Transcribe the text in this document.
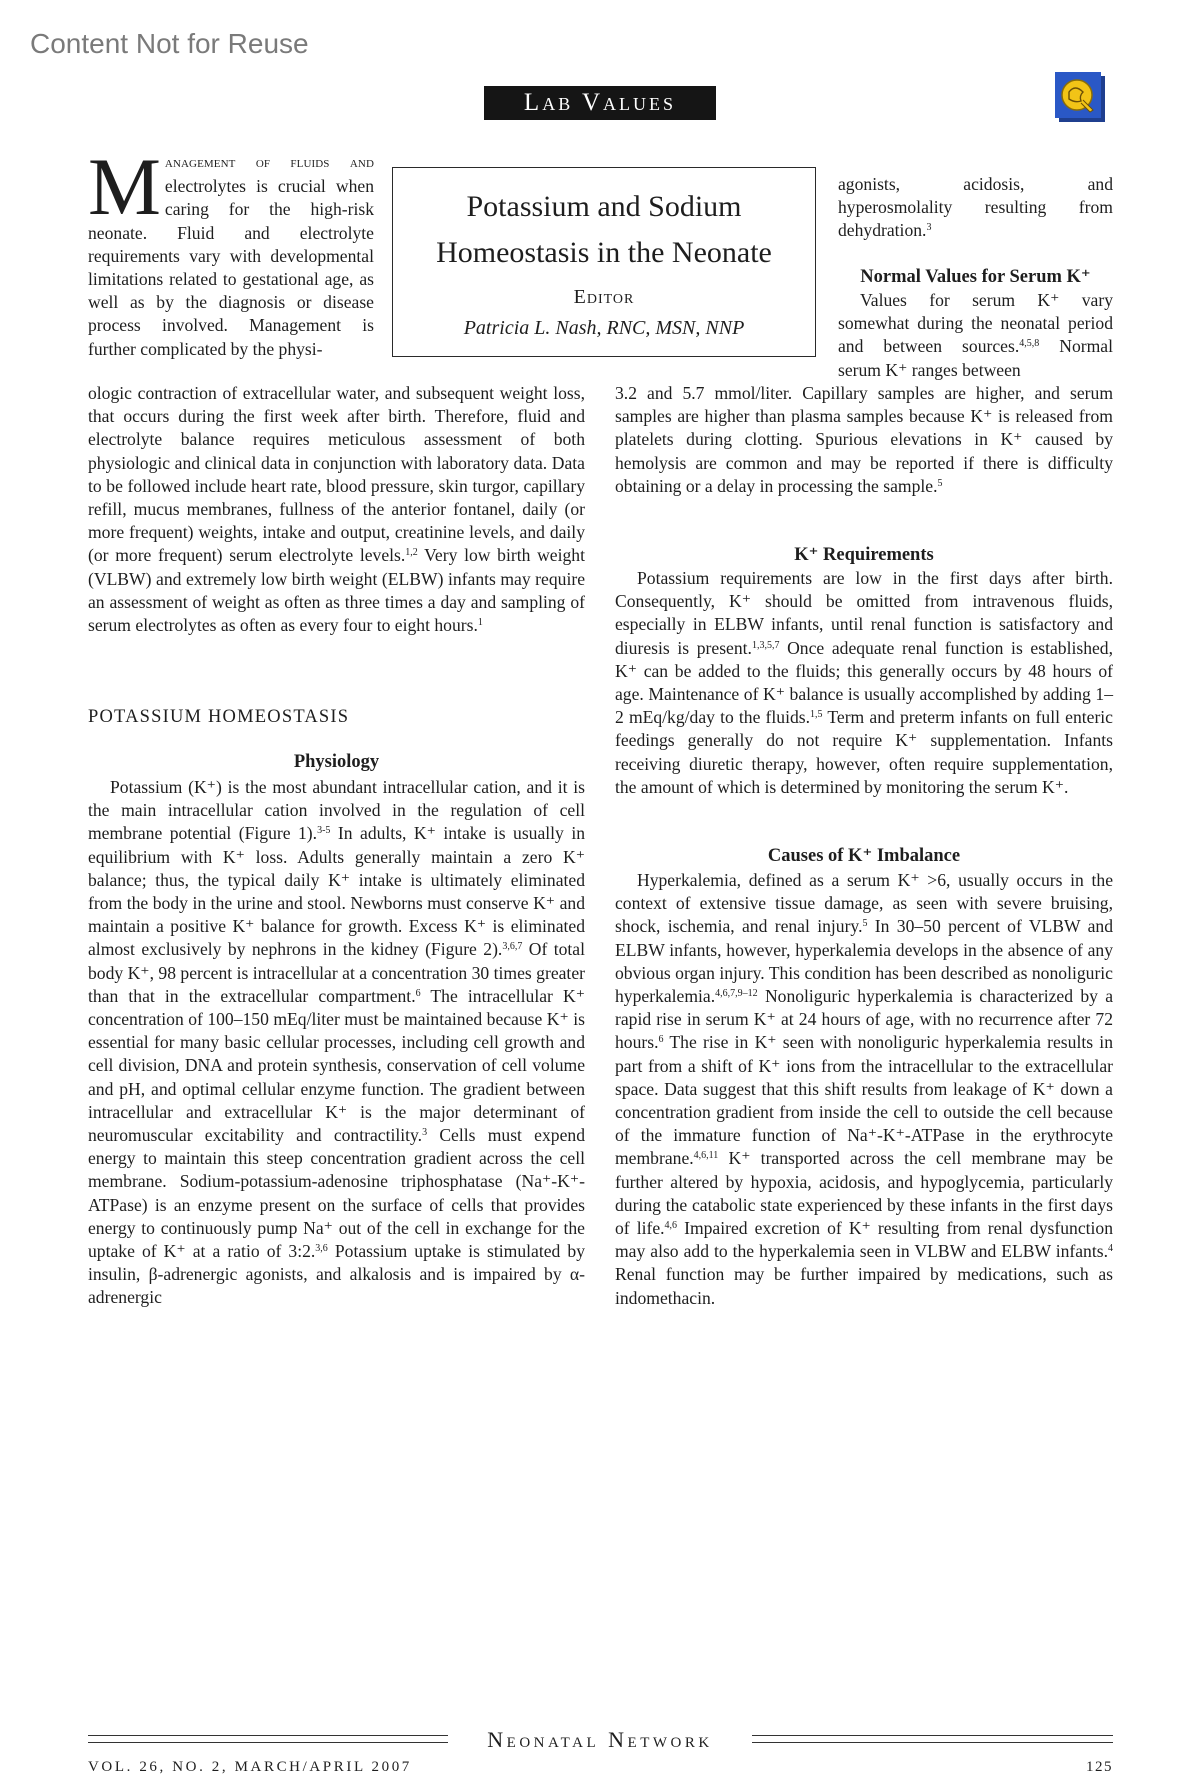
Content Not for Reuse
Lab Values
Management of fluids and electrolytes is crucial when caring for the high-risk neonate. Fluid and electrolyte requirements vary with developmental limitations related to gestational age, as well as by the diagnosis or disease process involved. Management is further complicated by the physi-
Potassium and Sodium
Homeostasis in the Neonate
Editor
Patricia L. Nash, RNC, MSN, NNP

ologic contraction of extracellular water, and subsequent weight loss, that occurs during the first week after birth. Therefore, fluid and electrolyte balance requires meticulous assessment of both physiologic and clinical data in conjunction with laboratory data. Data to be followed include heart rate, blood pressure, skin turgor, capillary refill, mucus membranes, fullness of the anterior fontanel, daily (or more frequent) weights, intake and output, creatinine levels, and daily (or more frequent) serum electrolyte levels.$^{1,2}$ Very low birth weight (VLBW) and extremely low birth weight (ELBW) infants may require an assessment of weight as often as three times a day and sampling of serum electrolytes as often as every four to eight hours.$^1$

POTASSIUM HOMEOSTASIS
Physiology

Potassium (K⁺) is the most abundant intracellular cation, and it is the main intracellular cation involved in the regulation of cell membrane potential (Figure 1).$^{3-5}$ In adults, K⁺ intake is usually in equilibrium with K⁺ loss. Adults generally maintain a zero K⁺ balance; thus, the typical daily K⁺ intake is ultimately eliminated from the body in the urine and stool. Newborns must conserve K⁺ and maintain a positive K⁺ balance for growth. Excess K⁺ is eliminated almost exclusively by nephrons in the kidney (Figure 2).$^{3,6,7}$ Of total body K⁺, 98 percent is intracellular at a concentration 30 times greater than that in the extracellular compartment.$^6$ The intracellular K⁺ concentration of 100–150 mEq/liter must be maintained because K⁺ is essential for many basic cellular processes, including cell growth and cell division, DNA and protein synthesis, conservation of cell volume and pH, and optimal cellular enzyme function. The gradient between intracellular and extracellular K⁺ is the major determinant of neuromuscular excitability and contractility.$^3$ Cells must expend energy to maintain this steep concentration gradient across the cell membrane. Sodium-potassium-adenosine triphosphatase (Na⁺-K⁺-ATPase) is an enzyme present on the surface of cells that provides energy to continuously pump Na⁺ out of the cell in exchange for the uptake of K⁺ at a ratio of 3:2.$^{3,6}$ Potassium uptake is stimulated by insulin, β-adrenergic agonists, and alkalosis and is impaired by α-adrenergic

agonists, acidosis, and hyperosmolality resulting from dehydration.$^3$

Normal Values for Serum K⁺

Values for serum K⁺ vary somewhat during the neonatal period and between sources.$^{4,5,8}$ Normal serum K⁺ ranges between

3.2 and 5.7 mmol/liter. Capillary samples are higher, and serum samples are higher than plasma samples because K⁺ is released from platelets during clotting. Spurious elevations in K⁺ caused by hemolysis are common and may be reported if there is difficulty obtaining or a delay in processing the sample.$^5$

K⁺ Requirements

Potassium requirements are low in the first days after birth. Consequently, K⁺ should be omitted from intravenous fluids, especially in ELBW infants, until renal function is satisfactory and diuresis is present.$^{1,3,5,7}$ Once adequate renal function is established, K⁺ can be added to the fluids; this generally occurs by 48 hours of age. Maintenance of K⁺ balance is usually accomplished by adding 1–2 mEq/kg/day to the fluids.$^{1,5}$ Term and preterm infants on full enteric feedings generally do not require K⁺ supplementation. Infants receiving diuretic therapy, however, often require supplementation, the amount of which is determined by monitoring the serum K⁺.

Causes of K⁺ Imbalance

Hyperkalemia, defined as a serum K⁺ >6, usually occurs in the context of extensive tissue damage, as seen with severe bruising, shock, ischemia, and renal injury.$^5$ In 30–50 percent of VLBW and ELBW infants, however, hyperkalemia develops in the absence of any obvious organ injury. This condition has been described as nonoliguric hyperkalemia.$^{4,6,7,9-12}$ Nonoliguric hyperkalemia is characterized by a rapid rise in serum K⁺ at 24 hours of age, with no recurrence after 72 hours.$^6$ The rise in K⁺ seen with nonoliguric hyperkalemia results in part from a shift of K⁺ ions from the intracellular to the extracellular space. Data suggest that this shift results from leakage of K⁺ down a concentration gradient from inside the cell to outside the cell because of the immature function of Na⁺-K⁺-ATPase in the erythrocyte membrane.$^{4,6,11}$ K⁺ transported across the cell membrane may be further altered by hypoxia, acidosis, and hypoglycemia, particularly during the catabolic state experienced by these infants in the first days of life.$^{4,6}$ Impaired excretion of K⁺ resulting from renal dysfunction may also add to the hyperkalemia seen in VLBW and ELBW infants.$^4$ Renal function may be further impaired by medications, such as indomethacin.

Neonatal Network
VOL. 26, NO. 2, MARCH/APRIL 2007	125
